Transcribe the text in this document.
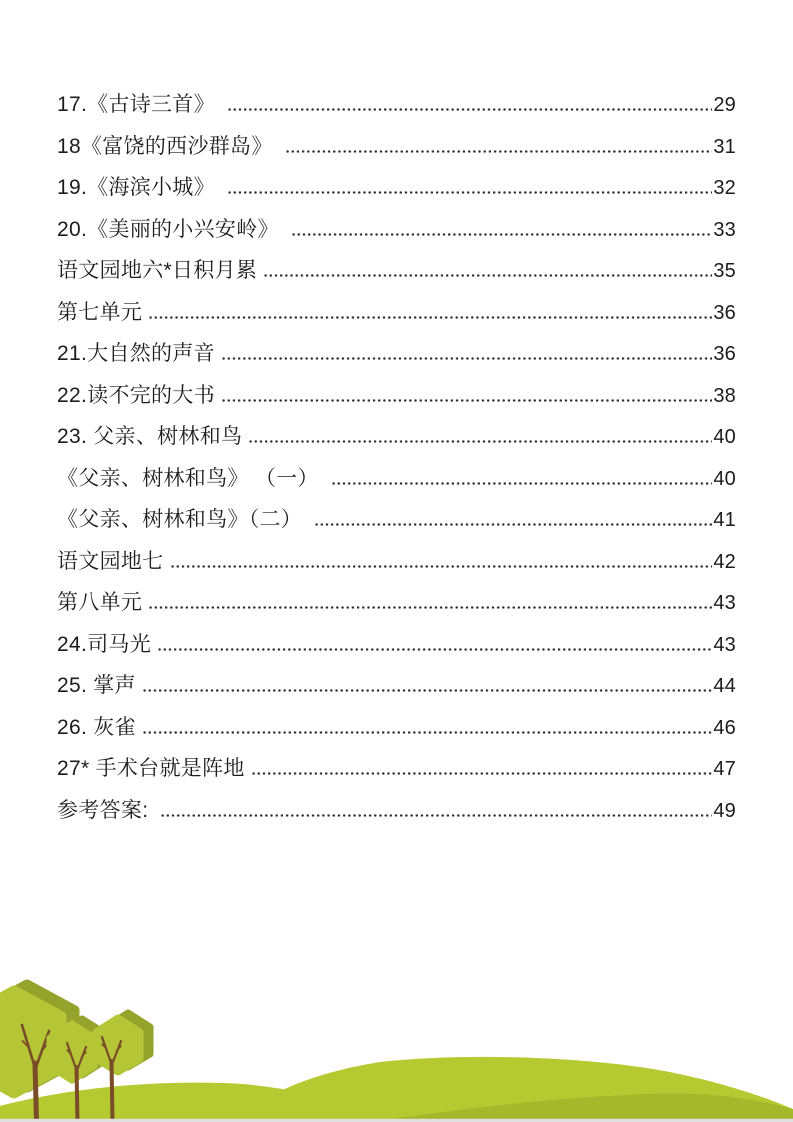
17.《古诗三首》	29
18《富饶的西沙群岛》	31
19.《海滨小城》	32
20.《美丽的小兴安岭》	33
语文园地六*日积月累	35
第七单元	36
21.大自然的声音	36
22.读不完的大书	38
23. 父亲、树林和鸟	40
《父亲、树林和鸟》 （一）	40
《父亲、树林和鸟》（二）	41
语文园地七	42
第八单元	43
24.司马光	43
25. 掌声	44
26. 灰雀	46
27* 手术台就是阵地	47
参考答案:	49
